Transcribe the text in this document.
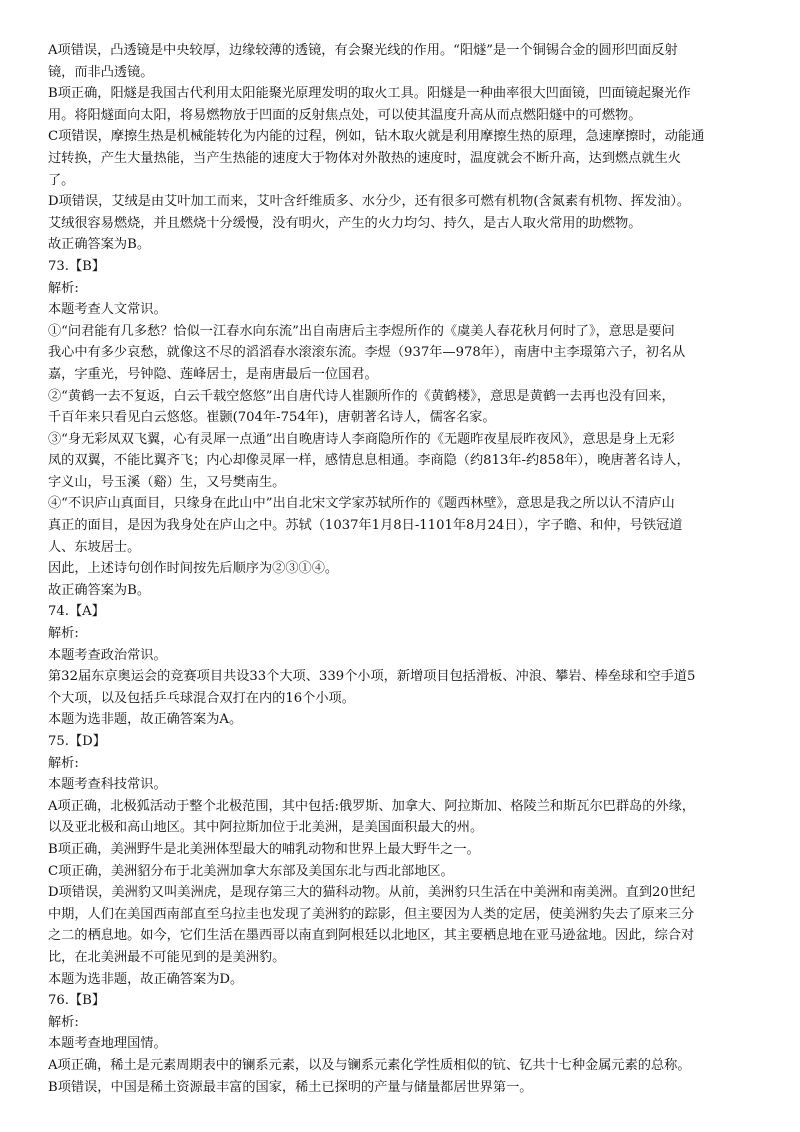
A项错误，凸透镜是中央较厚，边缘较薄的透镜，有会聚光线的作用。“阳燧”是一个铜锡合金的圆形凹面反射

镜，而非凸透镜。

B项正确，阳燧是我国古代利用太阳能聚光原理发明的取火工具。阳燧是一种曲率很大凹面镜，凹面镜起聚光作

用。将阳燧面向太阳，将易燃物放于凹面的反射焦点处，可以使其温度升高从而点燃阳燧中的可燃物。

C项错误，摩擦生热是机械能转化为内能的过程，例如，钻木取火就是利用摩擦生热的原理，急速摩擦时，动能通

过转换，产生大量热能，当产生热能的速度大于物体对外散热的速度时，温度就会不断升高，达到燃点就生火

了。

D项错误，艾绒是由艾叶加工而来，艾叶含纤维质多、水分少，还有很多可燃有机物(含氮素有机物、挥发油）。

艾绒很容易燃烧，并且燃烧十分缓慢，没有明火，产生的火力均匀、持久，是古人取火常用的助燃物。

故正确答案为B。

73.【B】

解析:

本题考查人文常识。

①“问君能有几多愁？恰似一江春水向东流”出自南唐后主李煜所作的《虞美人春花秋月何时了》，意思是要问

我心中有多少哀愁，就像这不尽的滔滔春水滚滚东流。李煜（937年—978年），南唐中主李璟第六子，初名从

嘉，字重光，号钟隐、莲峰居士，是南唐最后一位国君。

②“黄鹤一去不复返，白云千载空悠悠”出自唐代诗人崔颢所作的《黄鹤楼》，意思是黄鹤一去再也没有回来，

千百年来只看见白云悠悠。崔颢(704年-754年)，唐朝著名诗人，儒客名家。

③“身无彩凤双飞翼，心有灵犀一点通”出自晚唐诗人李商隐所作的《无题昨夜星辰昨夜风》，意思是身上无彩

凤的双翼，不能比翼齐飞；内心却像灵犀一样，感情息息相通。李商隐（约813年-约858年），晚唐著名诗人，

字义山，号玉溪（谿）生，又号樊南生。

④“不识庐山真面目，只缘身在此山中”出自北宋文学家苏轼所作的《题西林壁》，意思是我之所以认不清庐山

真正的面目，是因为我身处在庐山之中。苏轼（1037年1月8日-1101年8月24日），字子瞻、和仲，号铁冠道

人、东坡居士。

因此，上述诗句创作时间按先后顺序为②③①④。

故正确答案为B。

74.【A】

解析:

本题考查政治常识。

第32届东京奥运会的竞赛项目共设33个大项、339个小项，新增项目包括滑板、冲浪、攀岩、棒垒球和空手道5

个大项，以及包括乒乓球混合双打在内的16个小项。

本题为选非题，故正确答案为A。

75.【D】

解析:

本题考查科技常识。

A项正确，北极狐活动于整个北极范围，其中包括:俄罗斯、加拿大、阿拉斯加、格陵兰和斯瓦尔巴群岛的外缘，

以及亚北极和高山地区。其中阿拉斯加位于北美洲，是美国面积最大的州。

B项正确，美洲野牛是北美洲体型最大的哺乳动物和世界上最大野牛之一。

C项正确，美洲貂分布于北美洲加拿大东部及美国东北与西北部地区。

D项错误，美洲豹又叫美洲虎，是现存第三大的猫科动物。从前，美洲豹只生活在中美洲和南美洲。直到20世纪

中期，人们在美国西南部直至乌拉圭也发现了美洲豹的踪影，但主要因为人类的定居，使美洲豹失去了原来三分

之二的栖息地。如今，它们生活在墨西哥以南直到阿根廷以北地区，其主要栖息地在亚马逊盆地。因此，综合对

比，在北美洲最不可能见到的是美洲豹。

本题为选非题，故正确答案为D。

76.【B】

解析:

本题考查地理国情。

A项正确，稀土是元素周期表中的镧系元素，以及与镧系元素化学性质相似的钪、钇共十七种金属元素的总称。

B项错误，中国是稀土资源最丰富的国家，稀土已探明的产量与储量都居世界第一。
